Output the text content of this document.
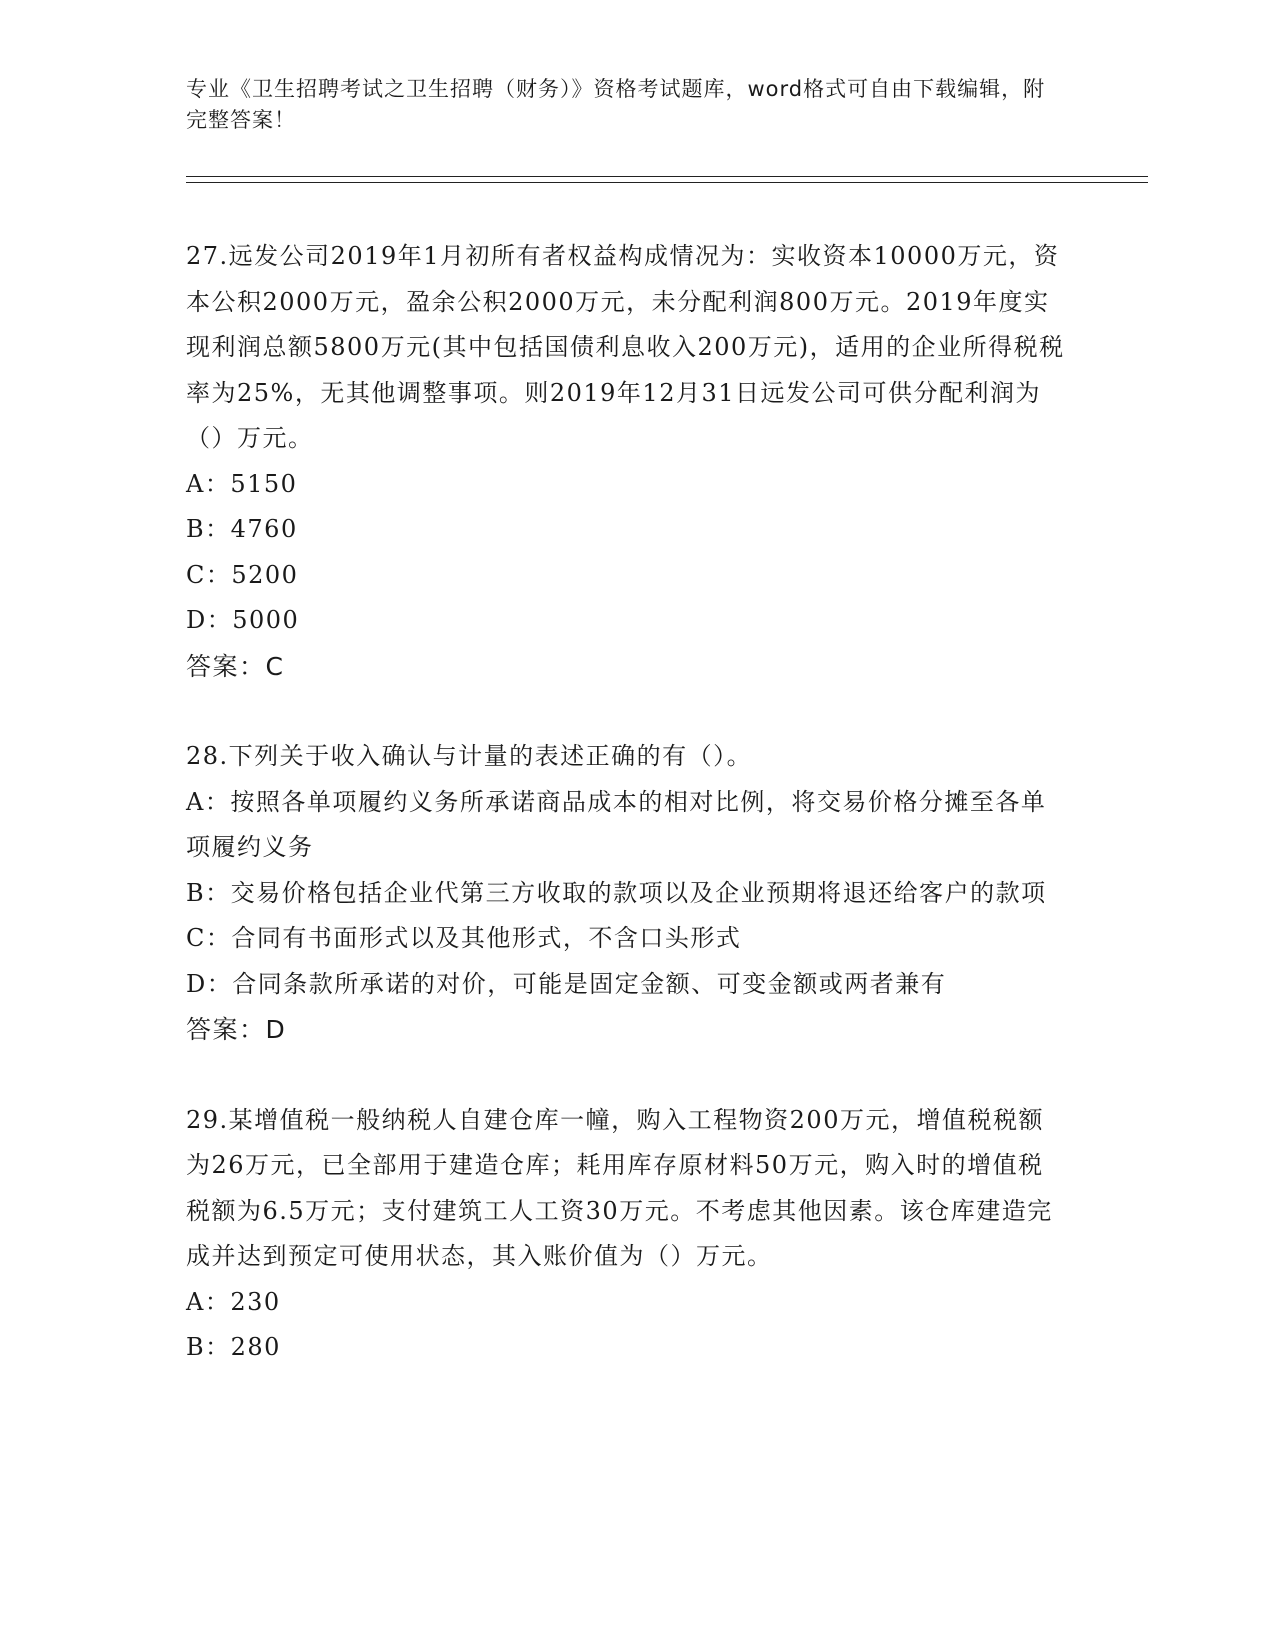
专业《卫生招聘考试之卫生招聘（财务）》资格考试题库，word格式可自由下载编辑，附完整答案！

27.远发公司2019年1月初所有者权益构成情况为：实收资本10000万元，资本公积2000万元，盈余公积2000万元，未分配利润800万元。2019年度实现利润总额5800万元(其中包括国债利息收入200万元)，适用的企业所得税税率为25%，无其他调整事项。则2019年12月31日远发公司可供分配利润为（）万元。

A：5150

B：4760

C：5200

D：5000

答案：C

28.下列关于收入确认与计量的表述正确的有（）。

A：按照各单项履约义务所承诺商品成本的相对比例，将交易价格分摊至各单项履约义务

B：交易价格包括企业代第三方收取的款项以及企业预期将退还给客户的款项

C：合同有书面形式以及其他形式，不含口头形式

D：合同条款所承诺的对价，可能是固定金额、可变金额或两者兼有

答案：D

29.某增值税一般纳税人自建仓库一幢，购入工程物资200万元，增值税税额为26万元，已全部用于建造仓库；耗用库存原材料50万元，购入时的增值税税额为6.5万元；支付建筑工人工资30万元。不考虑其他因素。该仓库建造完成并达到预定可使用状态，其入账价值为（）万元。

A：230

B：280
